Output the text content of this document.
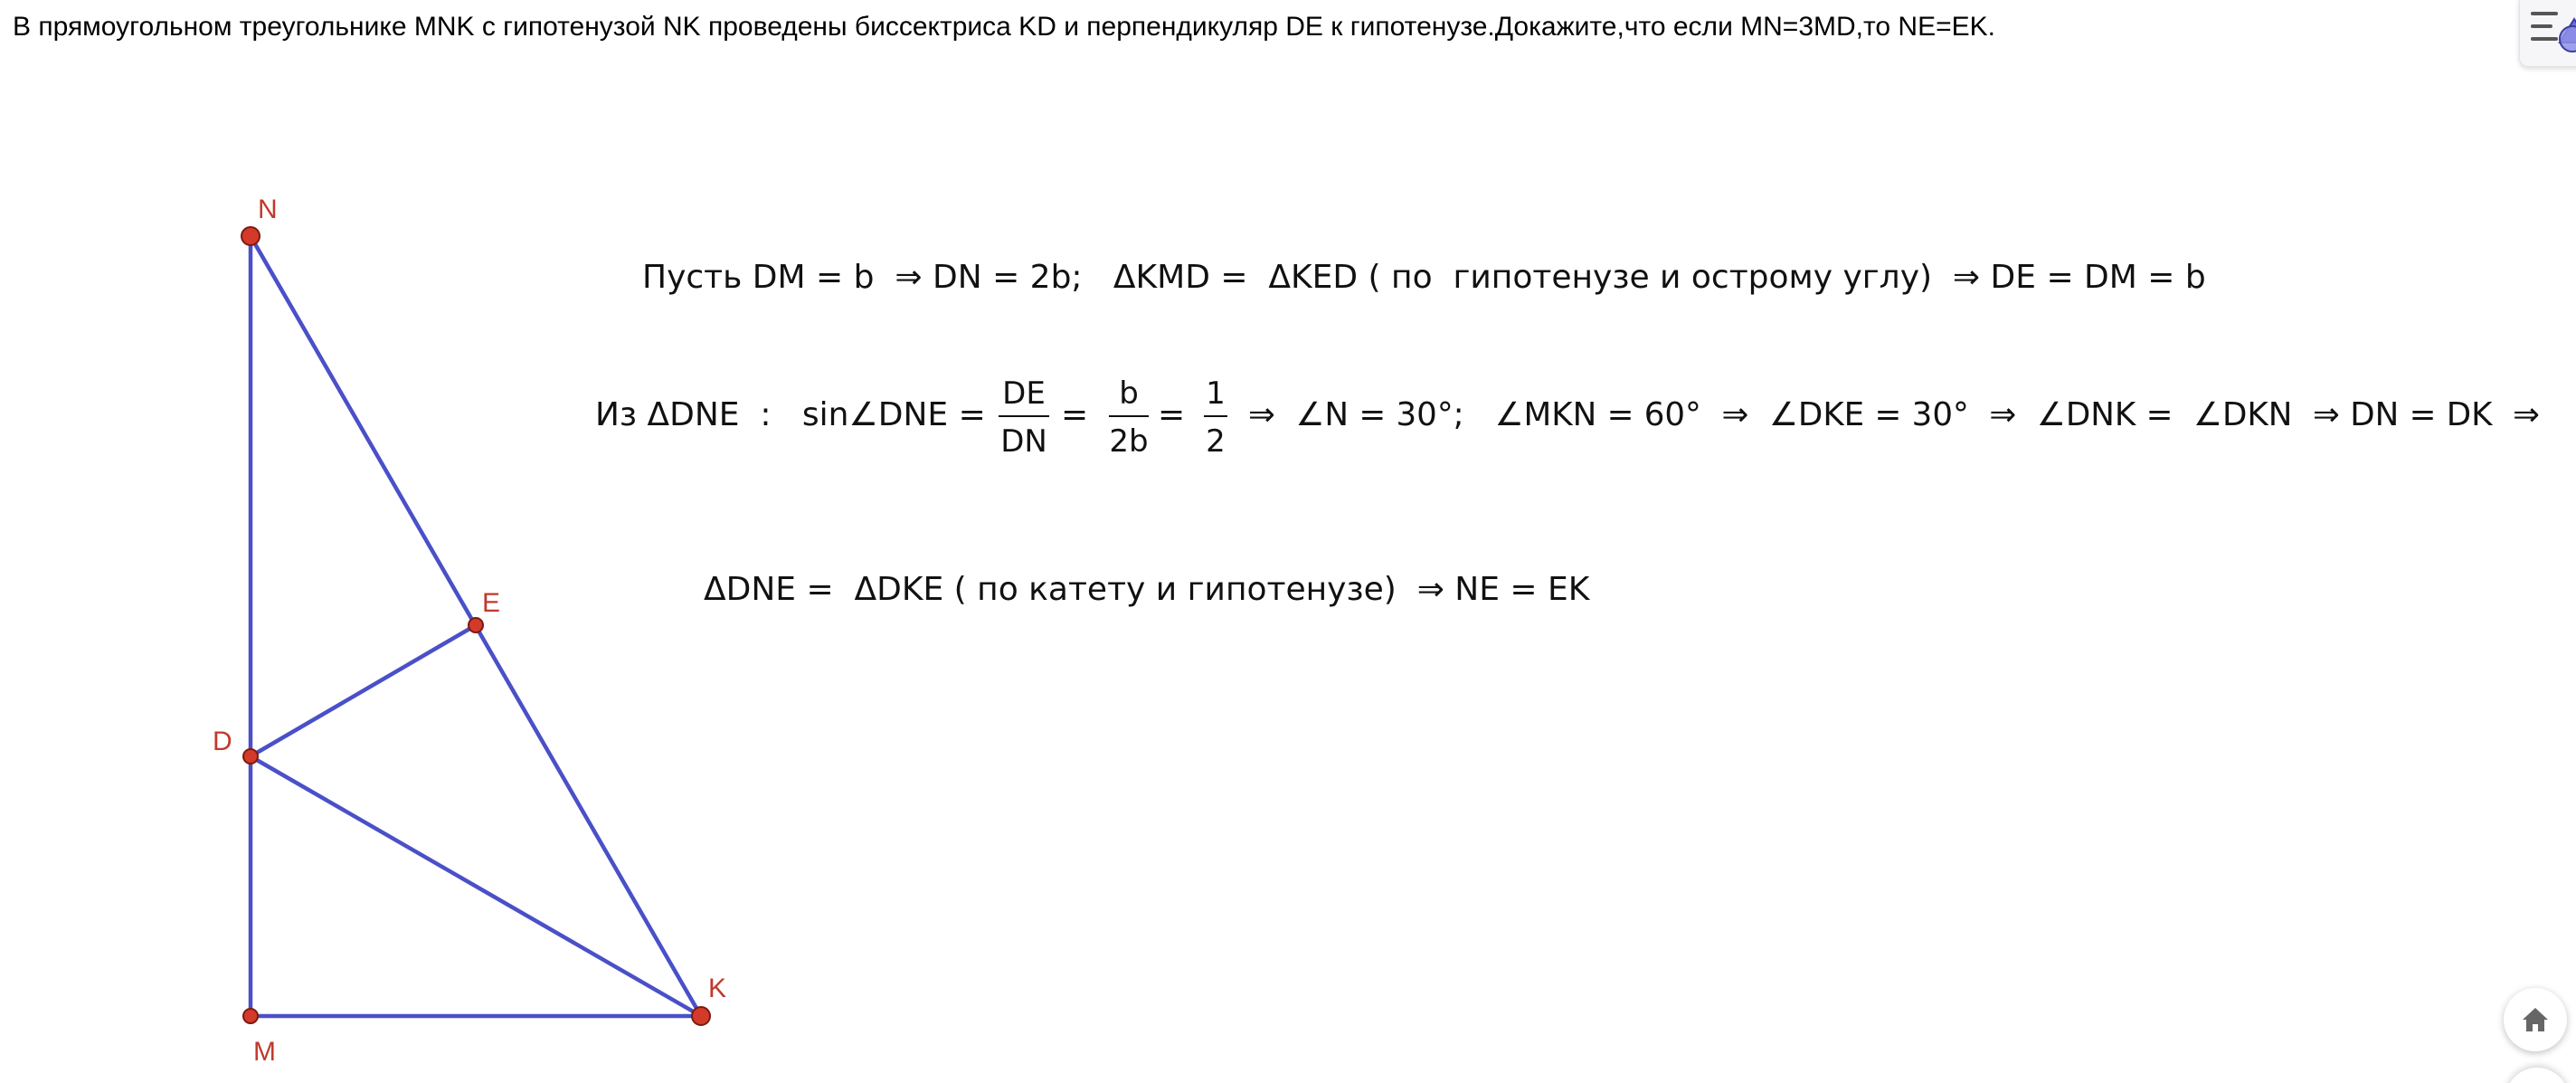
В прямоугольном треугольнике MNK с гипотенузой NK проведены биссектриса KD и перпендикуляр DE к гипотенузе.Докажите,что если MN=3MD,то NE=EK.
N
E
D
K
M
Пусть DM = b  ⇒ DN = 2b;   ΔKMD =  ΔKED ( по  гипотенузе и острому углу)  ⇒ DE = DM = b
Из ΔDNE  :   sin∠DNE =
DE
DN
=
b
2b
=
1
2
⇒  ∠N = 30°;   ∠MKN = 60°  ⇒  ∠DKE = 30°  ⇒  ∠DNK =  ∠DKN  ⇒ DN = DK  ⇒
ΔDNE =  ΔDKE ( по катету и гипотенузе)  ⇒ NE = EK
